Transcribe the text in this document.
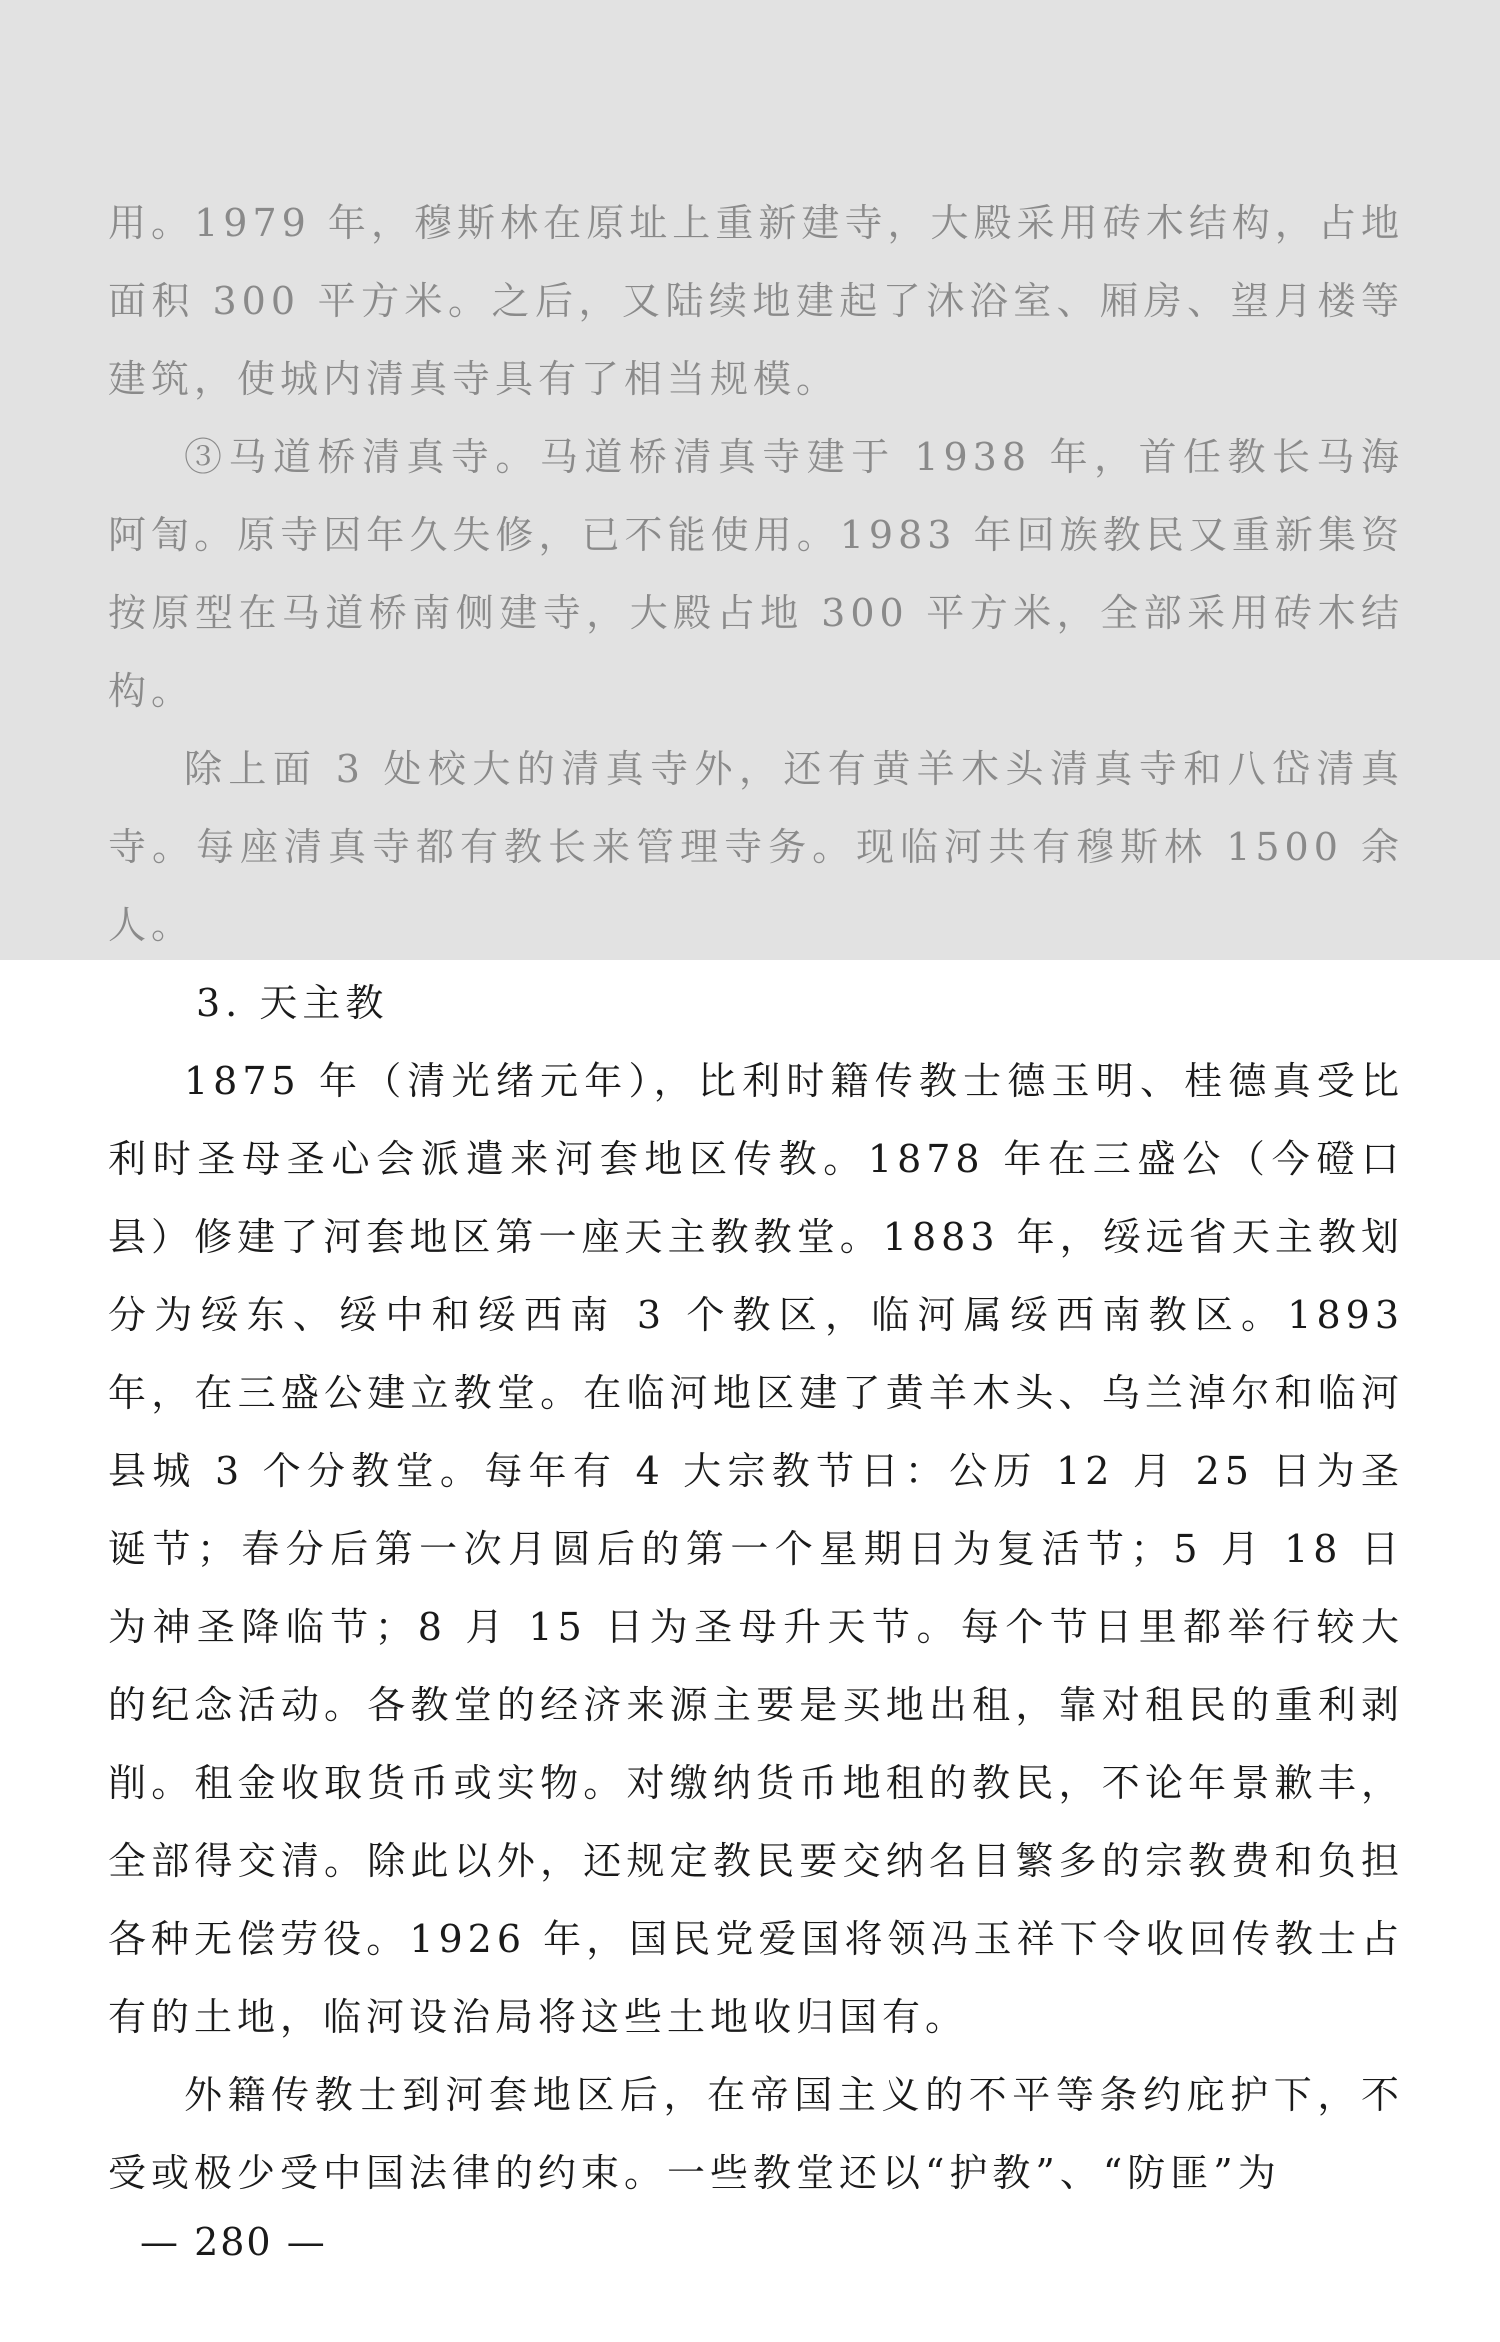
用。1979 年，穆斯林在原址上重新建寺，大殿采用砖木结构，占地面积 300 平方米。之后，又陆续地建起了沐浴室、厢房、望月楼等建筑，使城内清真寺具有了相当规模。

③马道桥清真寺。马道桥清真寺建于 1938 年，首任教长马海阿訇。原寺因年久失修，已不能使用。1983 年回族教民又重新集资按原型在马道桥南侧建寺，大殿占地 300 平方米，全部采用砖木结构。

除上面 3 处校大的清真寺外，还有黄羊木头清真寺和八岱清真寺。每座清真寺都有教长来管理寺务。现临河共有穆斯林 1500 余人。

3. 天主教

1875 年（清光绪元年），比利时籍传教士德玉明、桂德真受比利时圣母圣心会派遣来河套地区传教。1878 年在三盛公（今磴口县）修建了河套地区第一座天主教教堂。1883 年，绥远省天主教划分为绥东、绥中和绥西南 3 个教区，临河属绥西南教区。1893 年，在三盛公建立教堂。在临河地区建了黄羊木头、乌兰淖尔和临河县城 3 个分教堂。每年有 4 大宗教节日：公历 12 月 25 日为圣诞节；春分后第一次月圆后的第一个星期日为复活节；5 月 18 日为神圣降临节；8 月 15 日为圣母升天节。每个节日里都举行较大的纪念活动。各教堂的经济来源主要是买地出租，靠对租民的重利剥削。租金收取货币或实物。对缴纳货币地租的教民，不论年景歉丰，全部得交清。除此以外，还规定教民要交纳名目繁多的宗教费和负担各种无偿劳役。1926 年，国民党爱国将领冯玉祥下令收回传教士占有的土地，临河设治局将这些土地收归国有。

外籍传教士到河套地区后，在帝国主义的不平等条约庇护下，不受或极少受中国法律的约束。一些教堂还以“护教”、“防匪”为

— 280 —
